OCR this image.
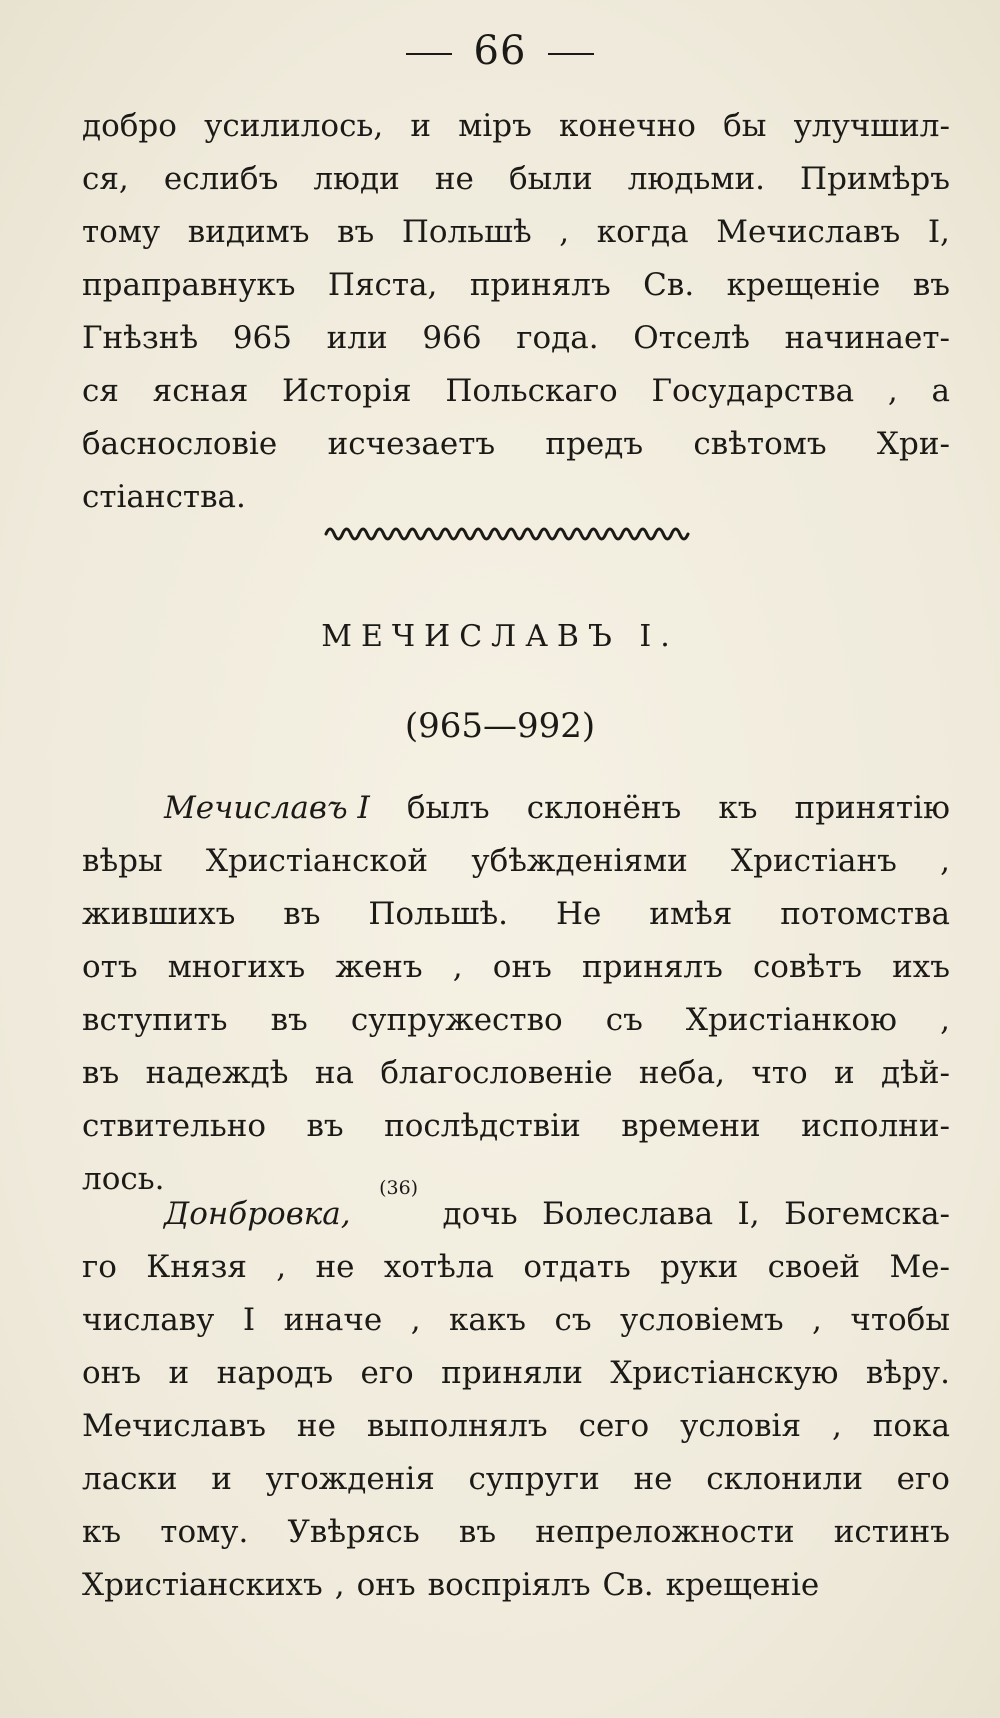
66
добро усилилось, и міръ конечно бы улучшил-
ся, еслибъ люди не были людьми. Примѣръ
тому видимъ въ Польшѣ , когда Мечиславъ I,
праправнукъ Пяста, принялъ Св. крещеніе въ
Гнѣзнѣ 965 или 966 года. Отселѣ начинает-
ся ясная Исторія Польскаго Государства , а
баснословіе исчезаетъ предъ свѣтомъ Хри-
стіанства.
МЕЧИСЛАВЪ I.
(965—992)
Мечиславъ I былъ склонёнъ къ принятію
вѣры Христіанской убѣжденіями Христіанъ ,
жившихъ въ Польшѣ. Не имѣя потомства
отъ многихъ женъ , онъ принялъ совѣтъ ихъ
вступить въ супружество съ Христіанкою ,
въ надеждѣ на благословеніе неба, что и дѣй-
ствительно въ послѣдствіи времени исполни-
лось.
Донбровка,
(36)
дочь Болеслава I, Богемска-
го Князя , не хотѣла отдать руки своей Ме-
числаву I иначе , какъ съ условіемъ , чтобы
онъ и народъ его приняли Христіанскую вѣру.
Мечиславъ не выполнялъ сего условія , пока
ласки и угожденія супруги не склонили его
къ тому. Увѣрясь въ непреложности истинъ
Христіанскихъ , онъ воспріялъ Св. крещеніе
